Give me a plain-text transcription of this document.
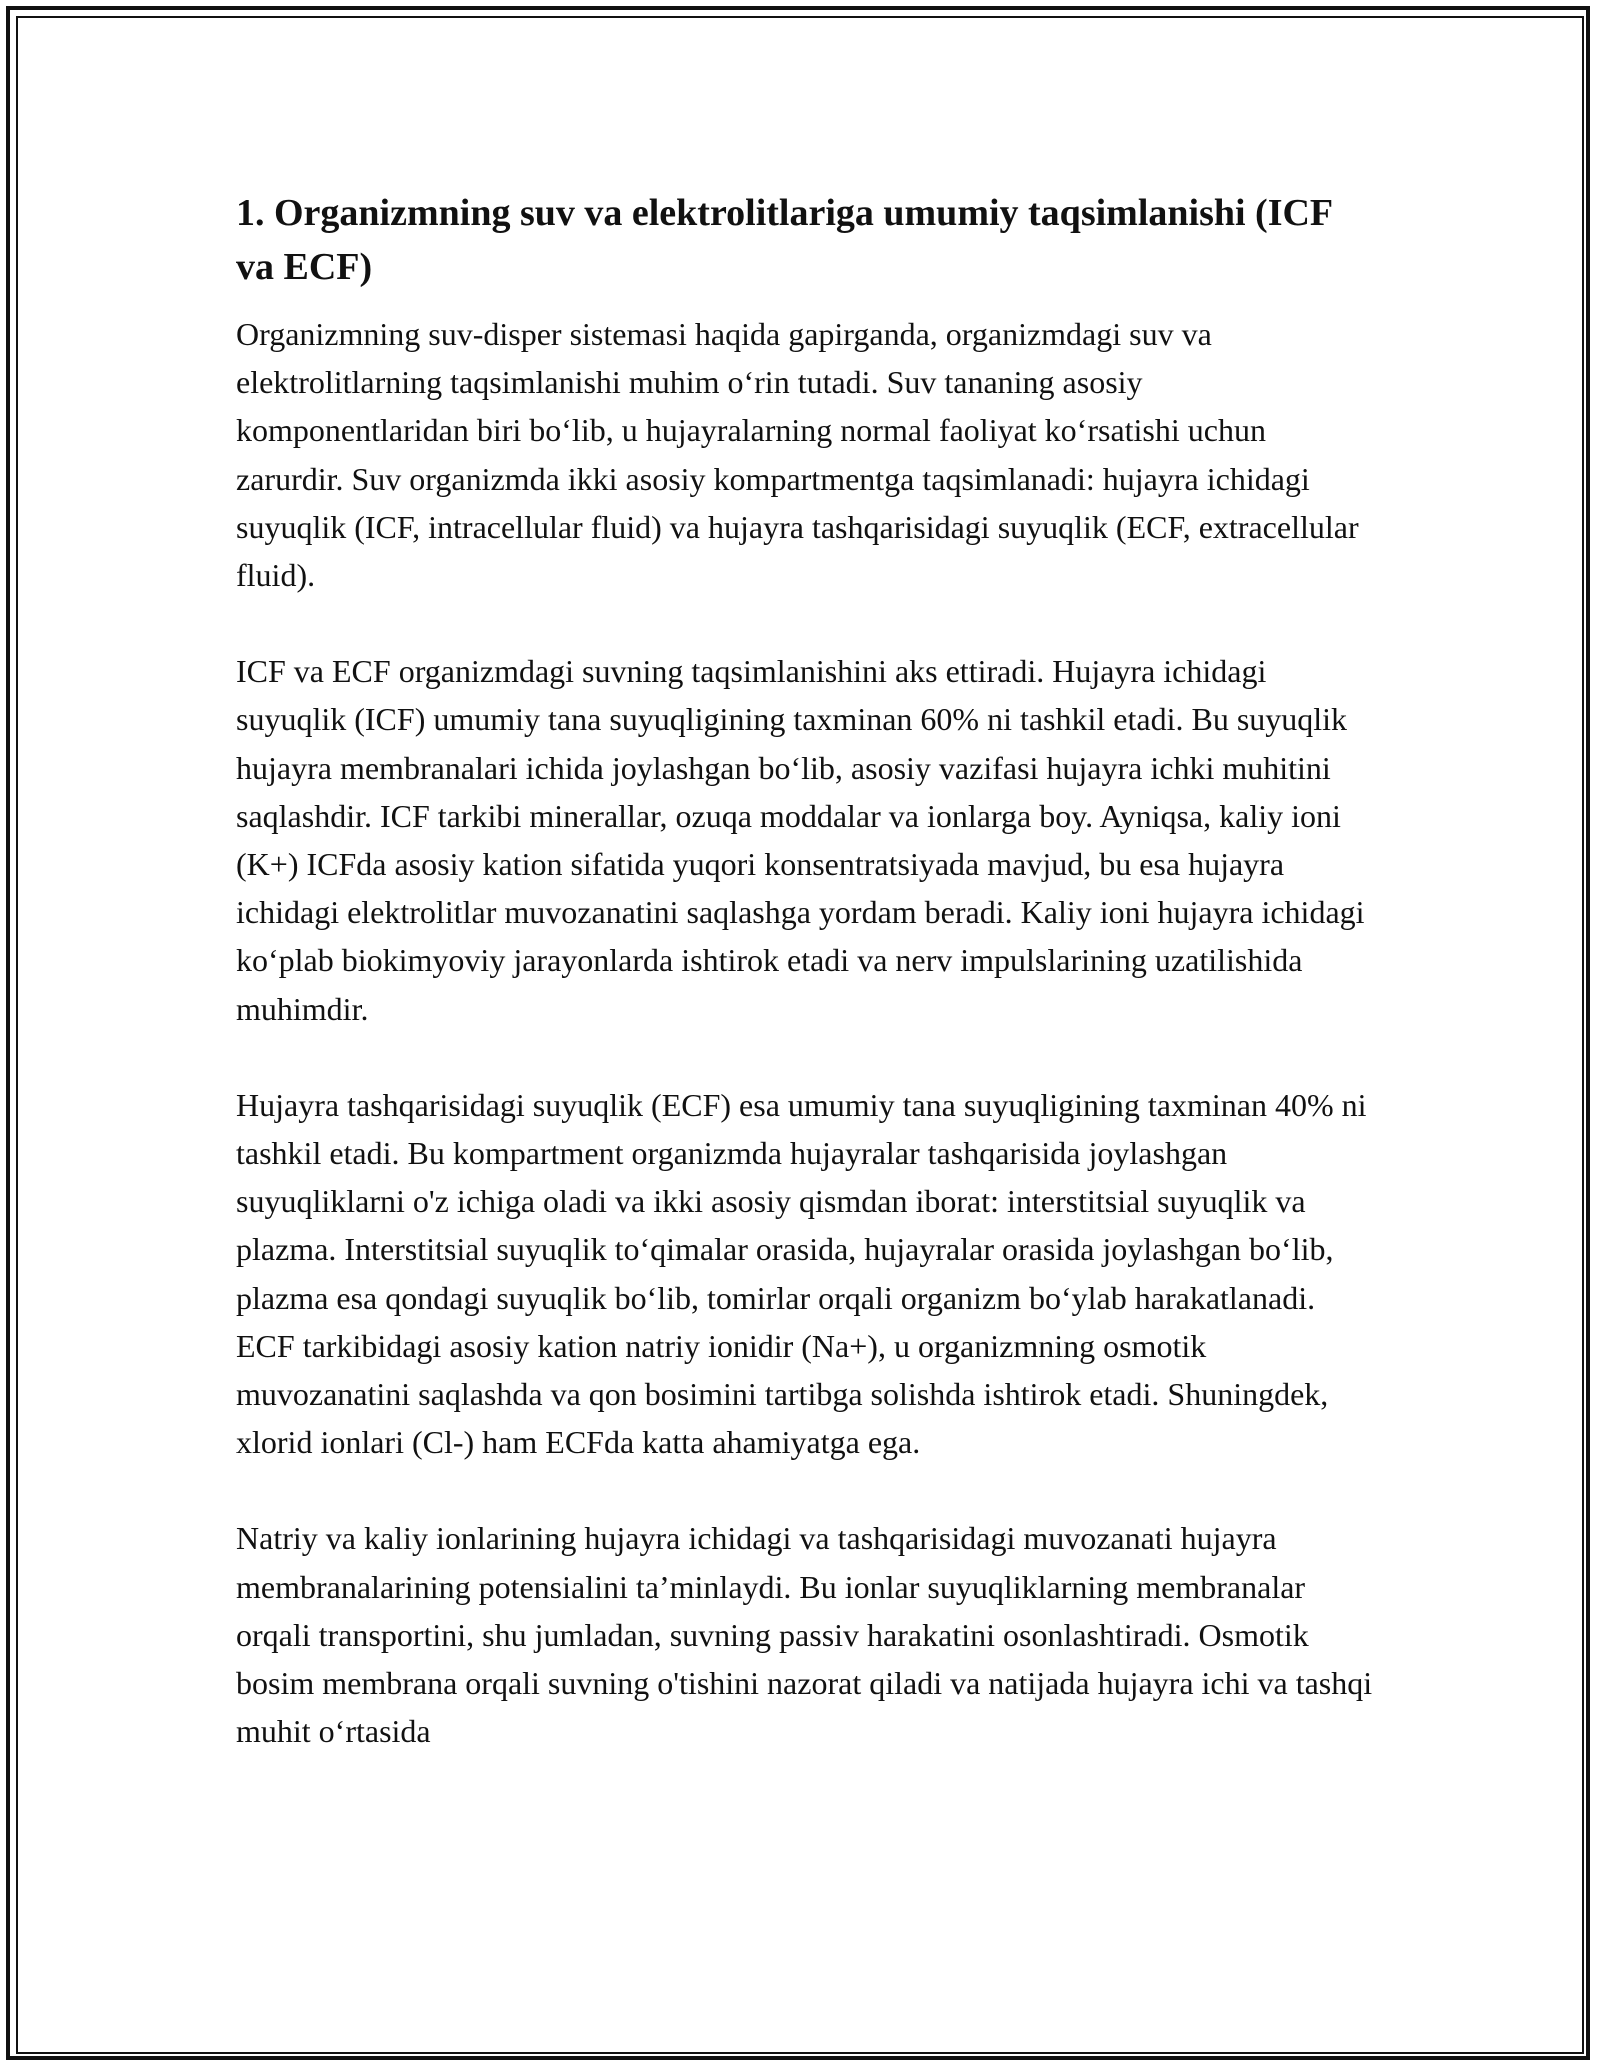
1. Organizmning suv va elektrolitlariga umumiy taqsimlanishi (ICF va ECF)

Organizmning suv-disper sistemasi haqida gapirganda, organizmdagi suv va elektrolitlarning taqsimlanishi muhim o‘rin tutadi. Suv tananing asosiy komponentlaridan biri bo‘lib, u hujayralarning normal faoliyat ko‘rsatishi uchun zarurdir. Suv organizmda ikki asosiy kompartmentga taqsimlanadi: hujayra ichidagi suyuqlik (ICF, intracellular fluid) va hujayra tashqarisidagi suyuqlik (ECF, extracellular fluid).

ICF va ECF organizmdagi suvning taqsimlanishini aks ettiradi. Hujayra ichidagi suyuqlik (ICF) umumiy tana suyuqligining taxminan 60% ni tashkil etadi. Bu suyuqlik hujayra membranalari ichida joylashgan bo‘lib, asosiy vazifasi hujayra ichki muhitini saqlashdir. ICF tarkibi minerallar, ozuqa moddalar va ionlarga boy. Ayniqsa, kaliy ioni (K+) ICFda asosiy kation sifatida yuqori konsentratsiyada mavjud, bu esa hujayra ichidagi elektrolitlar muvozanatini saqlashga yordam beradi. Kaliy ioni hujayra ichidagi ko‘plab biokimyoviy jarayonlarda ishtirok etadi va nerv impulslarining uzatilishida muhimdir.

Hujayra tashqarisidagi suyuqlik (ECF) esa umumiy tana suyuqligining taxminan 40% ni tashkil etadi. Bu kompartment organizmda hujayralar tashqarisida joylashgan suyuqliklarni o'z ichiga oladi va ikki asosiy qismdan iborat: interstitsial suyuqlik va plazma. Interstitsial suyuqlik to‘qimalar orasida, hujayralar orasida joylashgan bo‘lib, plazma esa qondagi suyuqlik bo‘lib, tomirlar orqali organizm bo‘ylab harakatlanadi. ECF tarkibidagi asosiy kation natriy ionidir (Na+), u organizmning osmotik muvozanatini saqlashda va qon bosimini tartibga solishda ishtirok etadi. Shuningdek, xlorid ionlari (Cl-) ham ECFda katta ahamiyatga ega.

Natriy va kaliy ionlarining hujayra ichidagi va tashqarisidagi muvozanati hujayra membranalarining potensialini ta’minlaydi. Bu ionlar suyuqliklarning membranalar orqali transportini, shu jumladan, suvning passiv harakatini osonlashtiradi. Osmotik bosim membrana orqali suvning o'tishini nazorat qiladi va natijada hujayra ichi va tashqi muhit o‘rtasida
